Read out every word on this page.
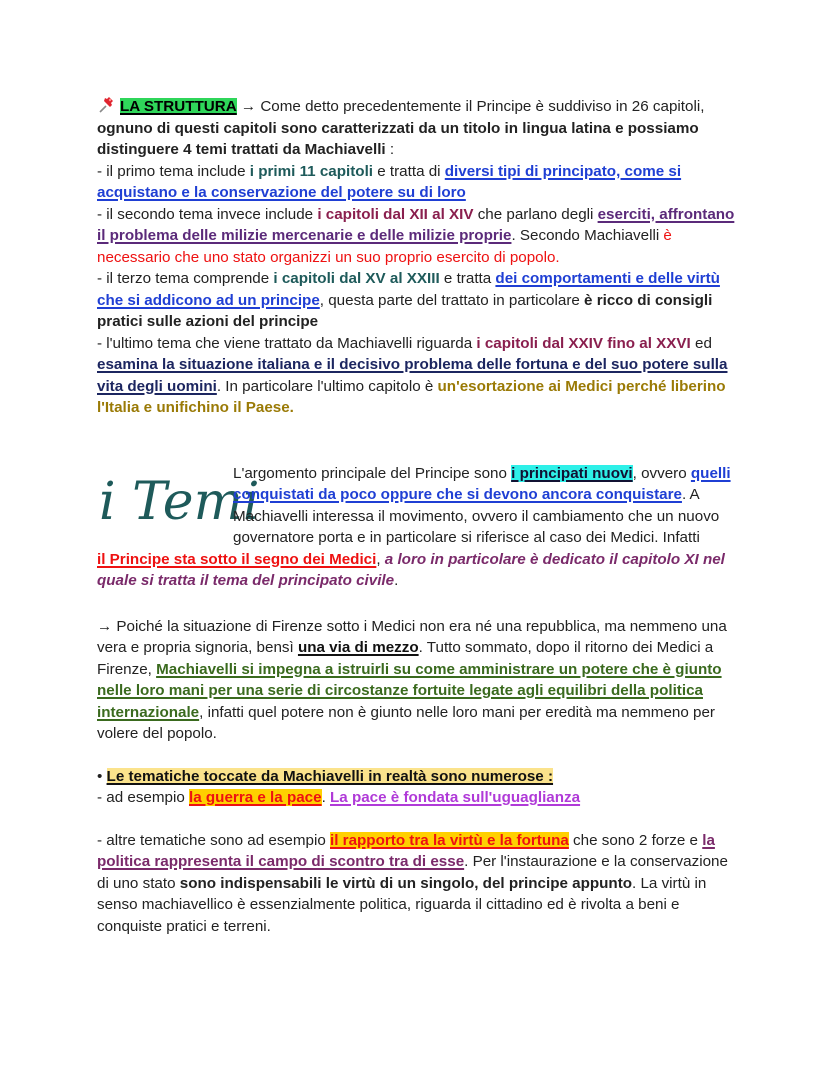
LA STRUTTURA → Come detto precedentemente il Principe è suddiviso in 26 capitoli, ognuno di questi capitoli sono caratterizzati da un titolo in lingua latina e possiamo distinguere 4 temi trattati da Machiavelli :

- il primo tema include i primi 11 capitoli e tratta di diversi tipi di principato, come si acquistano e la conservazione del potere su di loro

- il secondo tema invece include i capitoli dal XII al XIV che parlano degli eserciti, affrontano il problema delle milizie mercenarie e delle milizie proprie. Secondo Machiavelli è necessario che uno stato organizzi un suo proprio esercito di popolo.

- il terzo tema comprende i capitoli dal XV al XXIII e tratta dei comportamenti e delle virtù che si addicono ad un principe, questa parte del trattato in particolare è ricco di consigli pratici sulle azioni del principe

- l'ultimo tema che viene trattato da Machiavelli riguarda i capitoli dal XXIV fino al XXVI ed esamina la situazione italiana e il decisivo problema delle fortuna e del suo potere sulla vita degli uomini. In particolare l'ultimo capitolo è un'esortazione ai Medici perché liberino l'Italia e unifichino il Paese.

i Temi

L'argomento principale del Principe sono i principati nuovi, ovvero quelli conquistati da poco oppure che si devono ancora conquistare. A Machiavelli interessa il movimento, ovvero il cambiamento che un nuovo governatore porta e in particolare si riferisce al caso dei Medici. Infatti

il Principe sta sotto il segno dei Medici, a loro in particolare è dedicato il capitolo XI nel quale si tratta il tema del principato civile.

→ Poiché la situazione di Firenze sotto i Medici non era né una repubblica, ma nemmeno una vera e propria signoria, bensì una via di mezzo. Tutto sommato, dopo il ritorno dei Medici a Firenze, Machiavelli si impegna a istruirli su come amministrare un potere che è giunto nelle loro mani per una serie di circostanze fortuite legate agli equilibri della politica internazionale, infatti quel potere non è giunto nelle loro mani per eredità ma nemmeno per volere del popolo.

• Le tematiche toccate da Machiavelli in realtà sono numerose :

- ad esempio la guerra e la pace. La pace è fondata sull'uguaglianza

- altre tematiche sono ad esempio il rapporto tra la virtù e la fortuna che sono 2 forze e la politica rappresenta il campo di scontro tra di esse. Per l'instaurazione e la conservazione di uno stato sono indispensabili le virtù di un singolo, del principe appunto. La virtù in senso machiavellico è essenzialmente politica, riguarda il cittadino ed è rivolta a beni e conquiste pratici e terreni.
